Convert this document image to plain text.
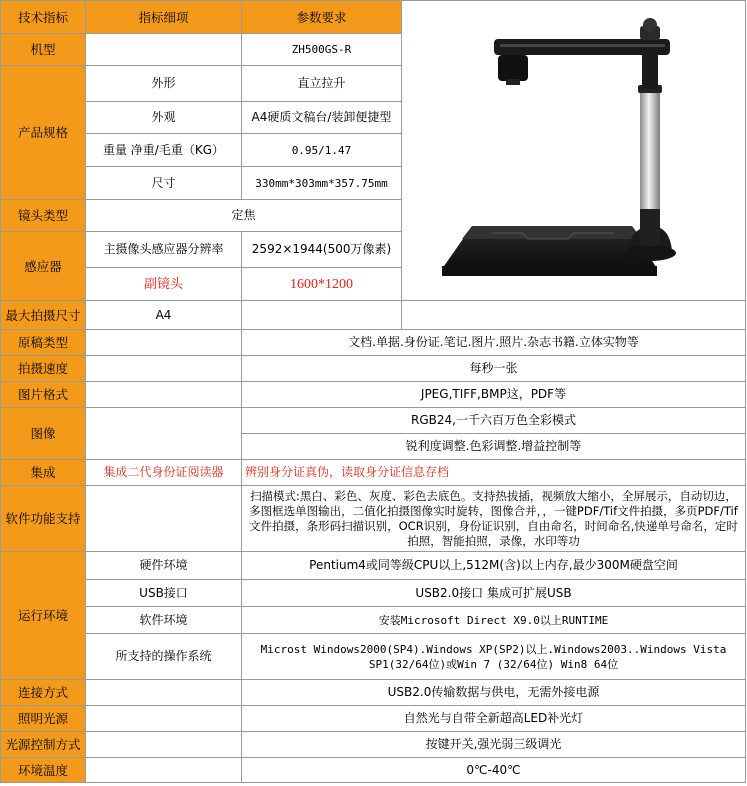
技术指标	指标细项	参数要求	

机型		ZH500GS-R	
产品规格	外形	直立拉升	
	外观	A4硬质文稿台/装卸便捷型	
	重量 净重/毛重（KG）	0.95/1.47	
	尺寸	330mm*303mm*357.75mm	
镜头类型	定焦		
感应器	主摄像头感应器分辨率	2592×1944(500万像素)	
	副镜头	1600*1200	
最大拍摄尺寸	A4		
原稿类型		文档.单据.身份证.笔记.图片.照片.杂志书籍.立体实物等	
拍摄速度		每秒一张	
图片格式		JPEG,TIFF,BMP这，PDF等	
图像		RGB24,一千六百万色全彩模式	
		锐利度调整.色彩调整.增益控制等	
集成	集成二代身份证阅读器	辨别身分证真伪，读取身分证信息存档	
软件功能支持		扫描模式:黑白、彩色、灰度、彩色去底色。支持热拔插，视频放大缩小，全屏展示，自动切边，多图框选单图输出，二值化拍摄图像实时旋转，图像合并，，一键PDF/Tif文件拍摄，多页PDF/Tif文件拍摄，条形码扫描识别，OCR识别，身份证识别，自由命名，时间命名,快递单号命名，定时拍照，智能拍照，录像，水印等功	
运行环境	硬件环境	Pentium4或同等级CPU以上,512M(含)以上内存,最少300M硬盘空间	
	USB接口	USB2.0接口 集成可扩展USB	
	软件环境	安装Microsoft Direct X9.0以上RUNTIME	
	所支持的操作系统	Microst Windows2000(SP4).Windows XP(SP2)以上.Windows2003..Windows Vista SP1(32/64位)或Win 7 (32/64位) Win8 64位	
连接方式		USB2.0传输数据与供电，无需外接电源	
照明光源		自然光与自带全新超高LED补光灯	
光源控制方式		按键开关,强光弱三级调光	
环境温度		0℃-40℃	
